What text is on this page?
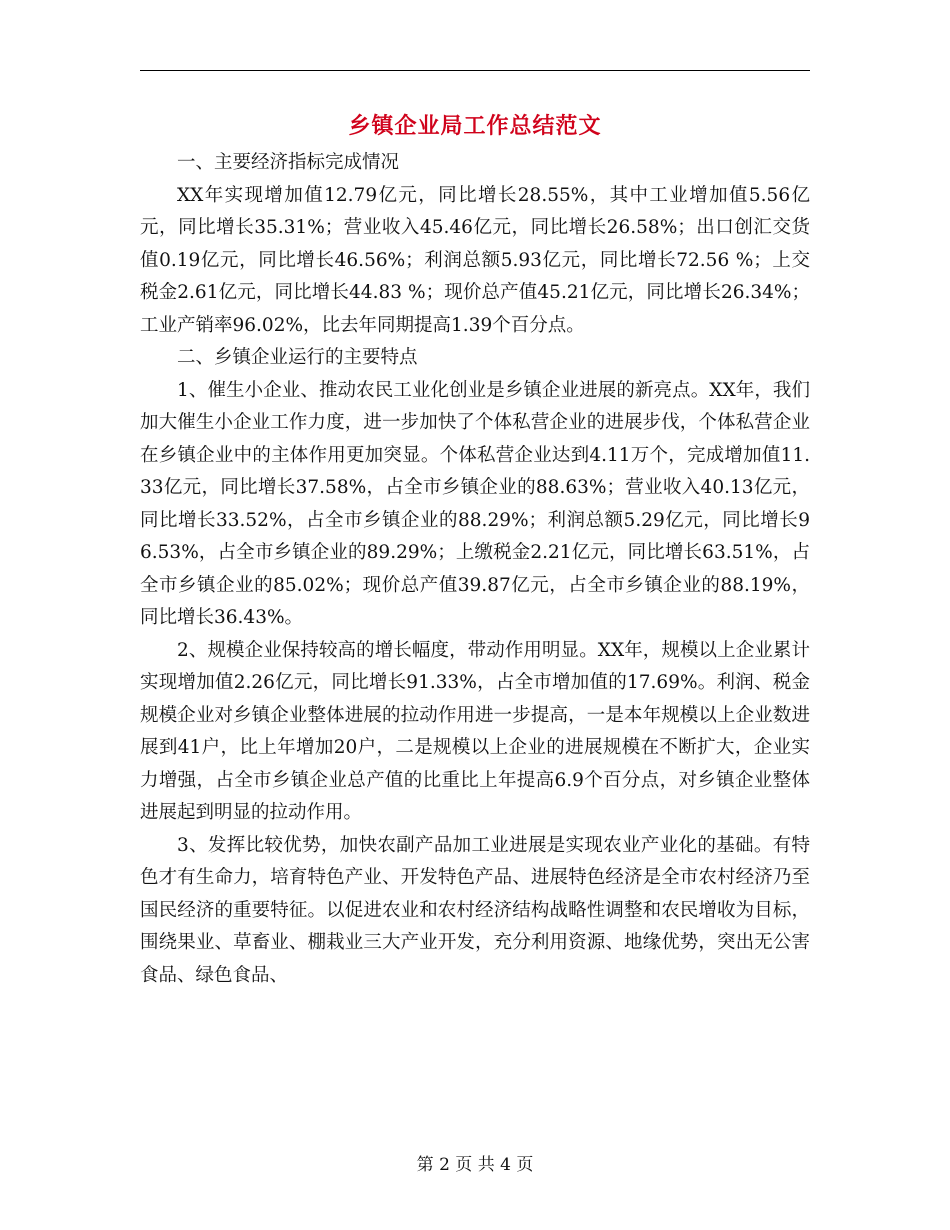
乡镇企业局工作总结范文

一、主要经济指标完成情况

XX年实现增加值12.79亿元，同比增长28.55%，其中工业增加值5.56亿元，同比增长35.31%；营业收入45.46亿元，同比增长26.58%；出口创汇交货值0.19亿元，同比增长46.56%；利润总额5.93亿元，同比增长72.56 %；上交税金2.61亿元，同比增长44.83 %；现价总产值45.21亿元，同比增长26.34%；工业产销率96.02%，比去年同期提高1.39个百分点。

二、乡镇企业运行的主要特点

1、催生小企业、推动农民工业化创业是乡镇企业进展的新亮点。XX年，我们加大催生小企业工作力度，进一步加快了个体私营企业的进展步伐，个体私营企业在乡镇企业中的主体作用更加突显。个体私营企业达到4.11万个，完成增加值11.33亿元，同比增长37.58%，占全市乡镇企业的88.63%；营业收入40.13亿元，同比增长33.52%，占全市乡镇企业的88.29%；利润总额5.29亿元，同比增长96.53%，占全市乡镇企业的89.29%；上缴税金2.21亿元，同比增长63.51%，占全市乡镇企业的85.02%；现价总产值39.87亿元，占全市乡镇企业的88.19%，同比增长36.43%。

2、规模企业保持较高的增长幅度，带动作用明显。XX年，规模以上企业累计实现增加值2.26亿元，同比增长91.33%，占全市增加值的17.69%。利润、税金规模企业对乡镇企业整体进展的拉动作用进一步提高，一是本年规模以上企业数进展到41户，比上年增加20户，二是规模以上企业的进展规模在不断扩大，企业实力增强，占全市乡镇企业总产值的比重比上年提高6.9个百分点，对乡镇企业整体进展起到明显的拉动作用。

3、发挥比较优势，加快农副产品加工业进展是实现农业产业化的基础。有特色才有生命力，培育特色产业、开发特色产品、进展特色经济是全市农村经济乃至国民经济的重要特征。以促进农业和农村经济结构战略性调整和农民增收为目标，围绕果业、草畜业、棚栽业三大产业开发，充分利用资源、地缘优势，突出无公害食品、绿色食品、

第 2 页 共 4 页
